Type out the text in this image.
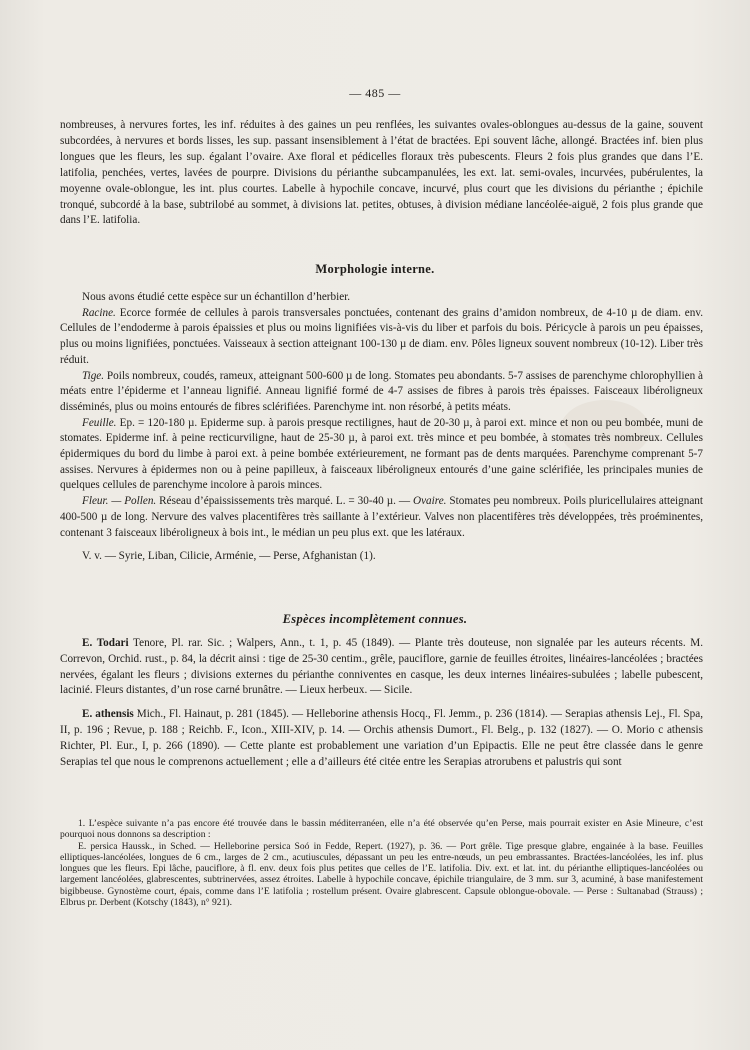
— 485 —

nombreuses, à nervures fortes, les inf. réduites à des gaines un peu renflées, les suivantes ovales-oblongues au-dessus de la gaine, souvent subcordées, à nervures et bords lisses, les sup. passant insensiblement à l’état de bractées. Epi souvent lâche, allongé. Bractées inf. bien plus longues que les fleurs, les sup. égalant l’ovaire. Axe floral et pédicelles floraux très pubescents. Fleurs 2 fois plus grandes que dans l’E. latifolia, penchées, vertes, lavées de pourpre. Divisions du périanthe subcampanulées, les ext. lat. semi-ovales, incurvées, pubérulentes, la moyenne ovale-oblongue, les int. plus courtes. Labelle à hypochile concave, incurvé, plus court que les divisions du périanthe ; épichile tronqué, subcordé à la base, subtrilobé au sommet, à divisions lat. petites, obtuses, à division médiane lancéolée-aiguë, 2 fois plus grande que dans l’E. latifolia.

Morphologie interne.

Nous avons étudié cette espèce sur un échantillon d’herbier.

Racine. Ecorce formée de cellules à parois transversales ponctuées, contenant des grains d’amidon nombreux, de 4-10 µ de diam. env. Cellules de l’endoderme à parois épaissies et plus ou moins lignifiées vis-à-vis du liber et parfois du bois. Péricycle à parois un peu épaisses, plus ou moins lignifiées, ponctuées. Vaisseaux à section atteignant 100-130 µ de diam. env. Pôles ligneux souvent nombreux (10-12). Liber très réduit.

Tige. Poils nombreux, coudés, rameux, atteignant 500-600 µ de long. Stomates peu abondants. 5-7 assises de parenchyme chlorophyllien à méats entre l’épiderme et l’anneau lignifié. Anneau lignifié formé de 4-7 assises de fibres à parois très épaisses. Faisceaux libéroligneux disséminés, plus ou moins entourés de fibres sclérifiées. Parenchyme int. non résorbé, à petits méats.

Feuille. Ep. = 120-180 µ. Epiderme sup. à parois presque rectilignes, haut de 20-30 µ, à paroi ext. mince et non ou peu bombée, muni de stomates. Epiderme inf. à peine recticurviligne, haut de 25-30 µ, à paroi ext. très mince et peu bombée, à stomates très nombreux. Cellules épidermiques du bord du limbe à paroi ext. à peine bombée extérieurement, ne formant pas de dents marquées. Parenchyme comprenant 5-7 assises. Nervures à épidermes non ou à peine papilleux, à faisceaux libéroligneux entourés d’une gaine sclérifiée, les principales munies de quelques cellules de parenchyme incolore à parois minces.

Fleur. — Pollen. Réseau d’épaississements très marqué. L. = 30-40 µ. — Ovaire. Stomates peu nombreux. Poils pluricellulaires atteignant 400-500 µ de long. Nervure des valves placentifères très saillante à l’extérieur. Valves non placentifères très développées, très proéminentes, contenant 3 faisceaux libéroligneux à bois int., le médian un peu plus ext. que les latéraux.

V. v. — Syrie, Liban, Cilicie, Arménie, — Perse, Afghanistan (1).

Espèces incomplètement connues.

E. Todari Tenore, Pl. rar. Sic. ; Walpers, Ann., t. 1, p. 45 (1849). — Plante très douteuse, non signalée par les auteurs récents. M. Correvon, Orchid. rust., p. 84, la décrit ainsi : tige de 25-30 centim., grêle, pauciflore, garnie de feuilles étroites, linéaires-lancéolées ; bractées nervées, égalant les fleurs ; divisions externes du périanthe conniventes en casque, les deux internes linéaires-subulées ; labelle pubescent, lacinié. Fleurs distantes, d’un rose carné brunâtre. — Lieux herbeux. — Sicile.

E. athensis Mich., Fl. Hainaut, p. 281 (1845). — Helleborine athensis Hocq., Fl. Jemm., p. 236 (1814). — Serapias athensis Lej., Fl. Spa, II, p. 196 ; Revue, p. 188 ; Reichb. F., Icon., XIII-XIV, p. 14. — Orchis athensis Dumort., Fl. Belg., p. 132 (1827). — O. Morio c athensis Richter, Pl. Eur., I, p. 266 (1890). — Cette plante est probablement une variation d’un Epipactis. Elle ne peut être classée dans le genre Serapias tel que nous le comprenons actuellement ; elle a d’ailleurs été citée entre les Serapias atrorubens et palustris qui sont

1. L’espèce suivante n’a pas encore été trouvée dans le bassin méditerranéen, elle n’a été observée qu’en Perse, mais pourrait exister en Asie Mineure, c’est pourquoi nous donnons sa description :

E. persica Haussk., in Sched. — Helleborine persica Soó in Fedde, Repert. (1927), p. 36. — Port grêle. Tige presque glabre, engainée à la base. Feuilles elliptiques-lancéolées, longues de 6 cm., larges de 2 cm., acutiuscules, dépassant un peu les entre-nœuds, un peu embrassantes. Bractées-lancéolées, les inf. plus longues que les fleurs. Epi lâche, pauciflore, à fl. env. deux fois plus petites que celles de l’E. latifolia. Div. ext. et lat. int. du périanthe elliptiques-lancéolées ou largement lancéolées, glabrescentes, subtrinervées, assez étroites. Labelle à hypochile concave, épichile triangulaire, de 3 mm. sur 3, acuminé, à base manifestement bigibbeuse. Gynostème court, épais, comme dans l’E latifolia ; rostellum présent. Ovaire glabrescent. Capsule oblongue-obovale. — Perse : Sultanabad (Strauss) ; Elbrus pr. Derbent (Kotschy (1843), n° 921).
